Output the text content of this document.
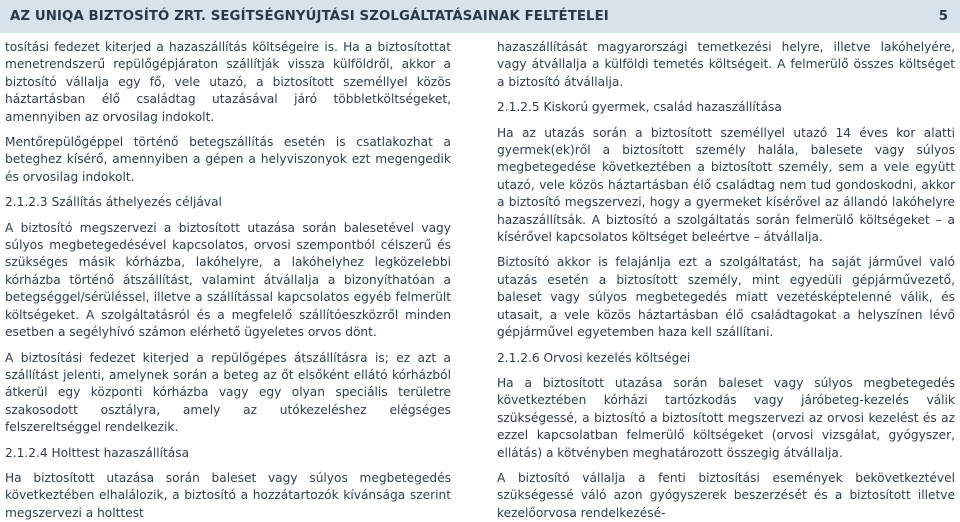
AZ UNIQA BIZTOSÍTÓ ZRT. SEGÍTSÉGNYÚJTÁSI SZOLGÁLTATÁSAINAK FELTÉTELEI	5

tosítási fedezet kiterjed a hazaszállítás költségeire is. Ha a biztosítottat menetrendszerű repülőgépjáraton szállítják vissza külföldről, akkor a biztosító vállalja egy fő, vele utazó, a biztosított személlyel közös háztartásban élő családtag utazásával járó többletköltségeket, amennyiben az orvosilag indokolt.

Mentőrepülőgéppel történő betegszállítás esetén is csatlakozhat a beteghez kísérő, amennyiben a gépen a helyviszonyok ezt megengedik és orvosilag indokolt.

2.1.2.3 Szállítás áthelyezés céljával

A biztosító megszervezi a biztosított utazása során balesetével vagy súlyos megbetegedésével kapcsolatos, orvosi szempontból célszerű és szükséges másik kórházba, lakóhelyre, a lakóhelyhez legközelebbi kórházba történő átszállítást, valamint átvállalja a bizonyíthatóan a betegséggel/sérüléssel, illetve a szállítással kapcsolatos egyéb felmerült költségeket. A szolgáltatásról és a megfelelő szállítóeszközről minden esetben a segélyhívó számon elérhető ügyeletes orvos dönt.

A biztosítási fedezet kiterjed a repülőgépes átszállításra is; ez azt a szállítást jelenti, amelynek során a beteg az őt elsőként ellátó kórházból átkerül egy központi kórházba vagy egy olyan speciális területre szakosodott osztályra, amely az utókezeléshez elégséges felszereltséggel rendelkezik.

2.1.2.4 Holttest hazaszállítása

Ha biztosított utazása során baleset vagy súlyos megbetegedés következtében elhalálozik, a biztosító a hozzátartozók kívánsága szerint megszervezi a holttest

hazaszállítását magyarországi temetkezési helyre, illetve lakóhelyére, vagy átvállalja a külföldi temetés költségeit. A felmerülő összes költséget a biztosító átvállalja.

2.1.2.5 Kiskorú gyermek, család hazaszállítása

Ha az utazás során a biztosított személlyel utazó 14 éves kor alatti gyermek(ek)ről a biztosított személy halála, balesete vagy súlyos megbetegedése következtében a biztosított személy, sem a vele együtt utazó, vele közös háztartásban élő családtag nem tud gondoskodni, akkor a biztosító megszervezi, hogy a gyermeket kísérővel az állandó lakóhelyre hazaszállítsák. A biztosító a szolgáltatás során felmerülő költségeket – a kísérővel kapcsolatos költséget beleértve – átvállalja.

Biztosító akkor is felajánlja ezt a szolgáltatást, ha saját járművel való utazás esetén a biztosított személy, mint egyedüli gépjárművezető, baleset vagy súlyos megbetegedés miatt vezetésképtelenné válik, és utasait, a vele közös háztartásban élő családtagokat a helyszínen lévő gépjárművel egyetemben haza kell szállítani.

2.1.2.6 Orvosi kezelés költségei

Ha a biztosított utazása során baleset vagy súlyos megbetegedés következtében kórházi tartózkodás vagy járóbeteg-kezelés válik szükségessé, a biztosító a biztosított megszervezi az orvosi kezelést és az ezzel kapcsolatban felmerülő költségeket (orvosi vizsgálat, gyógyszer, ellátás) a kötvényben meghatározott összegig átvállalja.

A biztosító vállalja a fenti biztosítási események bekövetkeztével szükségessé váló azon gyógyszerek beszerzését és a biztosított illetve kezelőorvosa rendelkezésé-
